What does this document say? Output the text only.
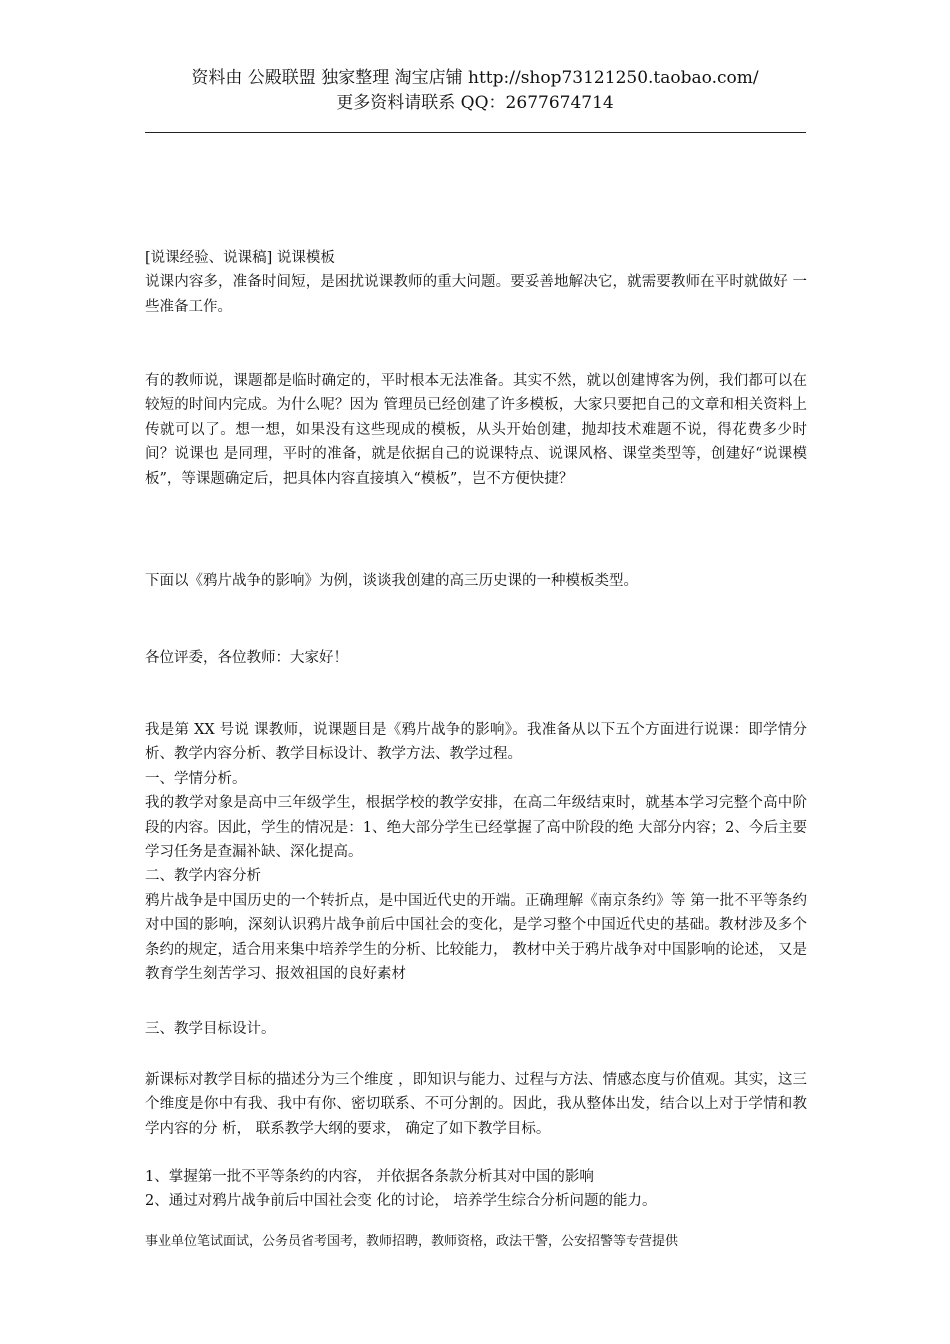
资料由 公殿联盟 独家整理 淘宝店铺 http://shop73121250.taobao.com/
更多资料请联系 QQ：2677674714

[说课经验、说课稿] 说课模板

说课内容多，准备时间短，是困扰说课教师的重大问题。要妥善地解决它，就需要教师在平时就做好 一些准备工作。

有的教师说，课题都是临时确定的，平时根本无法准备。其实不然，就以创建博客为例，我们都可以在较短的时间内完成。为什么呢？因为 管理员已经创建了许多模板，大家只要把自己的文章和相关资料上传就可以了。想一想，如果没有这些现成的模板，从头开始创建，抛却技术难题不说，得花费多少时间？说课也 是同理，平时的准备，就是依据自己的说课特点、说课风格、课堂类型等，创建好“说课模板”，等课题确定后，把具体内容直接填入“模板”，岂不方便快捷？

下面以《鸦片战争的影响》为例，谈谈我创建的高三历史课的一种模板类型。

各位评委，各位教师：大家好！

我是第 XX 号说 课教师，说课题目是《鸦片战争的影响》。我准备从以下五个方面进行说课：即学情分析、教学内容分析、教学目标设计、教学方法、教学过程。

一、学情分析。

我的教学对象是高中三年级学生，根据学校的教学安排，在高二年级结束时，就基本学习完整个高中阶段的内容。因此，学生的情况是：1、绝大部分学生已经掌握了高中阶段的绝 大部分内容；2、今后主要学习任务是查漏补缺、深化提高。

二、教学内容分析

鸦片战争是中国历史的一个转折点，是中国近代史的开端。正确理解《南京条约》等 第一批不平等条约对中国的影响，深刻认识鸦片战争前后中国社会的变化，是学习整个中国近代史的基础。教材涉及多个条约的规定，适合用来集中培养学生的分析、比较能力， 教材中关于鸦片战争对中国影响的论述， 又是教育学生刻苦学习、报效祖国的良好素材

三、教学目标设计。

新课标对教学目标的描述分为三个维度 ，即知识与能力、过程与方法、情感态度与价值观。其实，这三个维度是你中有我、我中有你、密切联系、不可分割的。因此，我从整体出发，结合以上对于学情和教学内容的分 析， 联系教学大纲的要求， 确定了如下教学目标。

1、掌握第一批不平等条约的内容， 并依据各条款分析其对中国的影响

2、通过对鸦片战争前后中国社会变 化的讨论， 培养学生综合分析问题的能力。

事业单位笔试面试，公务员省考国考，教师招聘，教师资格，政法干警，公安招警等专营提供
